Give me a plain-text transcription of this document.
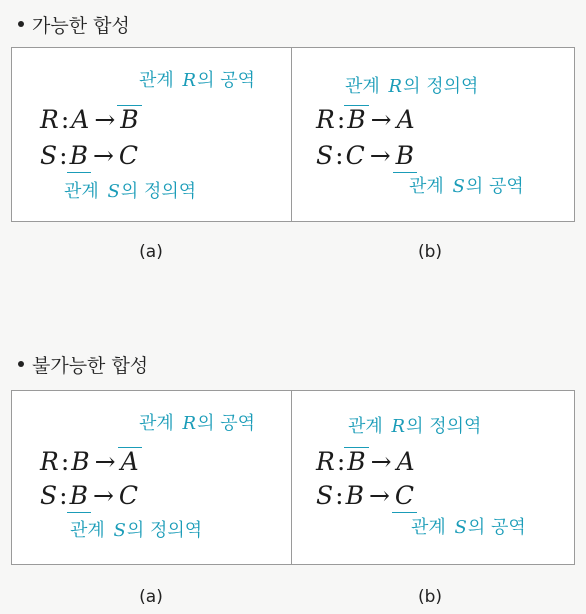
가능한 합성
관계 R의 공역
R:A → B
S:B → C
관계 S의 정의역
관계 R의 정의역
R:B → A
S:C → B
관계 S의 공역
(a)	(b)
불가능한 합성
관계 R의 공역
R:B → A
S:B → C
관계 S의 정의역
관계 R의 정의역
R:B → A
S:B → C
관계 S의 공역
(a)	(b)
